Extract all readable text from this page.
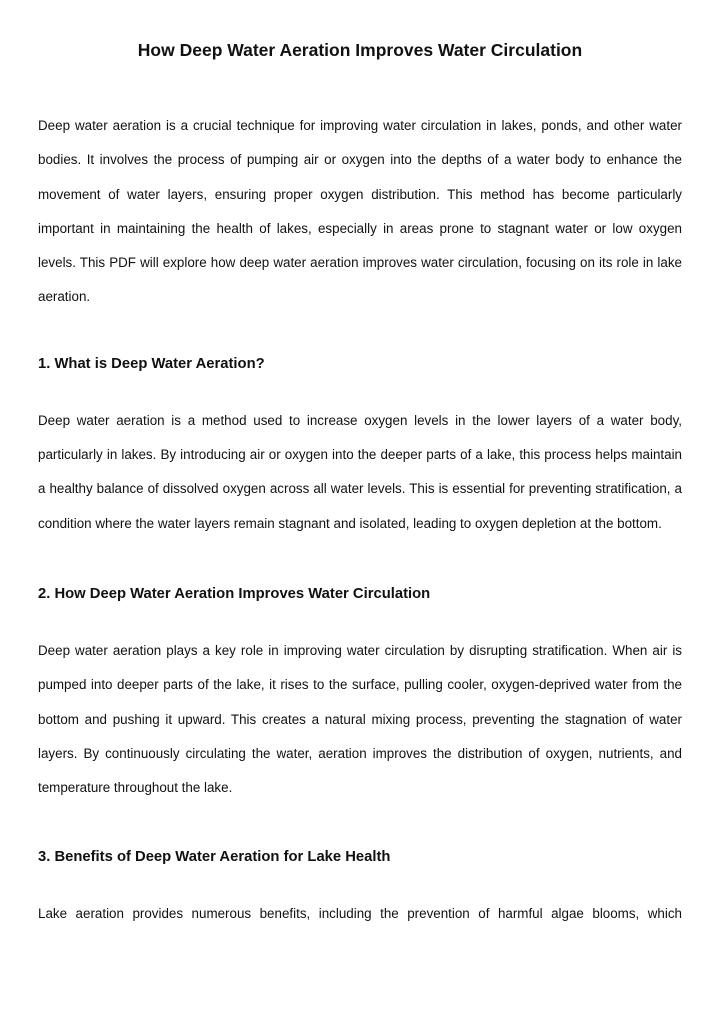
How Deep Water Aeration Improves Water Circulation

Deep water aeration is a crucial technique for improving water circulation in lakes, ponds, and other water bodies. It involves the process of pumping air or oxygen into the depths of a water body to enhance the movement of water layers, ensuring proper oxygen distribution. This method has become particularly important in maintaining the health of lakes, especially in areas prone to stagnant water or low oxygen levels. This PDF will explore how deep water aeration improves water circulation, focusing on its role in lake aeration.

1. What is Deep Water Aeration?

Deep water aeration is a method used to increase oxygen levels in the lower layers of a water body, particularly in lakes. By introducing air or oxygen into the deeper parts of a lake, this process helps maintain a healthy balance of dissolved oxygen across all water levels. This is essential for preventing stratification, a condition where the water layers remain stagnant and isolated, leading to oxygen depletion at the bottom.

2. How Deep Water Aeration Improves Water Circulation

Deep water aeration plays a key role in improving water circulation by disrupting stratification. When air is pumped into deeper parts of the lake, it rises to the surface, pulling cooler, oxygen-deprived water from the bottom and pushing it upward. This creates a natural mixing process, preventing the stagnation of water layers. By continuously circulating the water, aeration improves the distribution of oxygen, nutrients, and temperature throughout the lake.

3. Benefits of Deep Water Aeration for Lake Health

Lake aeration provides numerous benefits, including the prevention of harmful algae blooms, which
